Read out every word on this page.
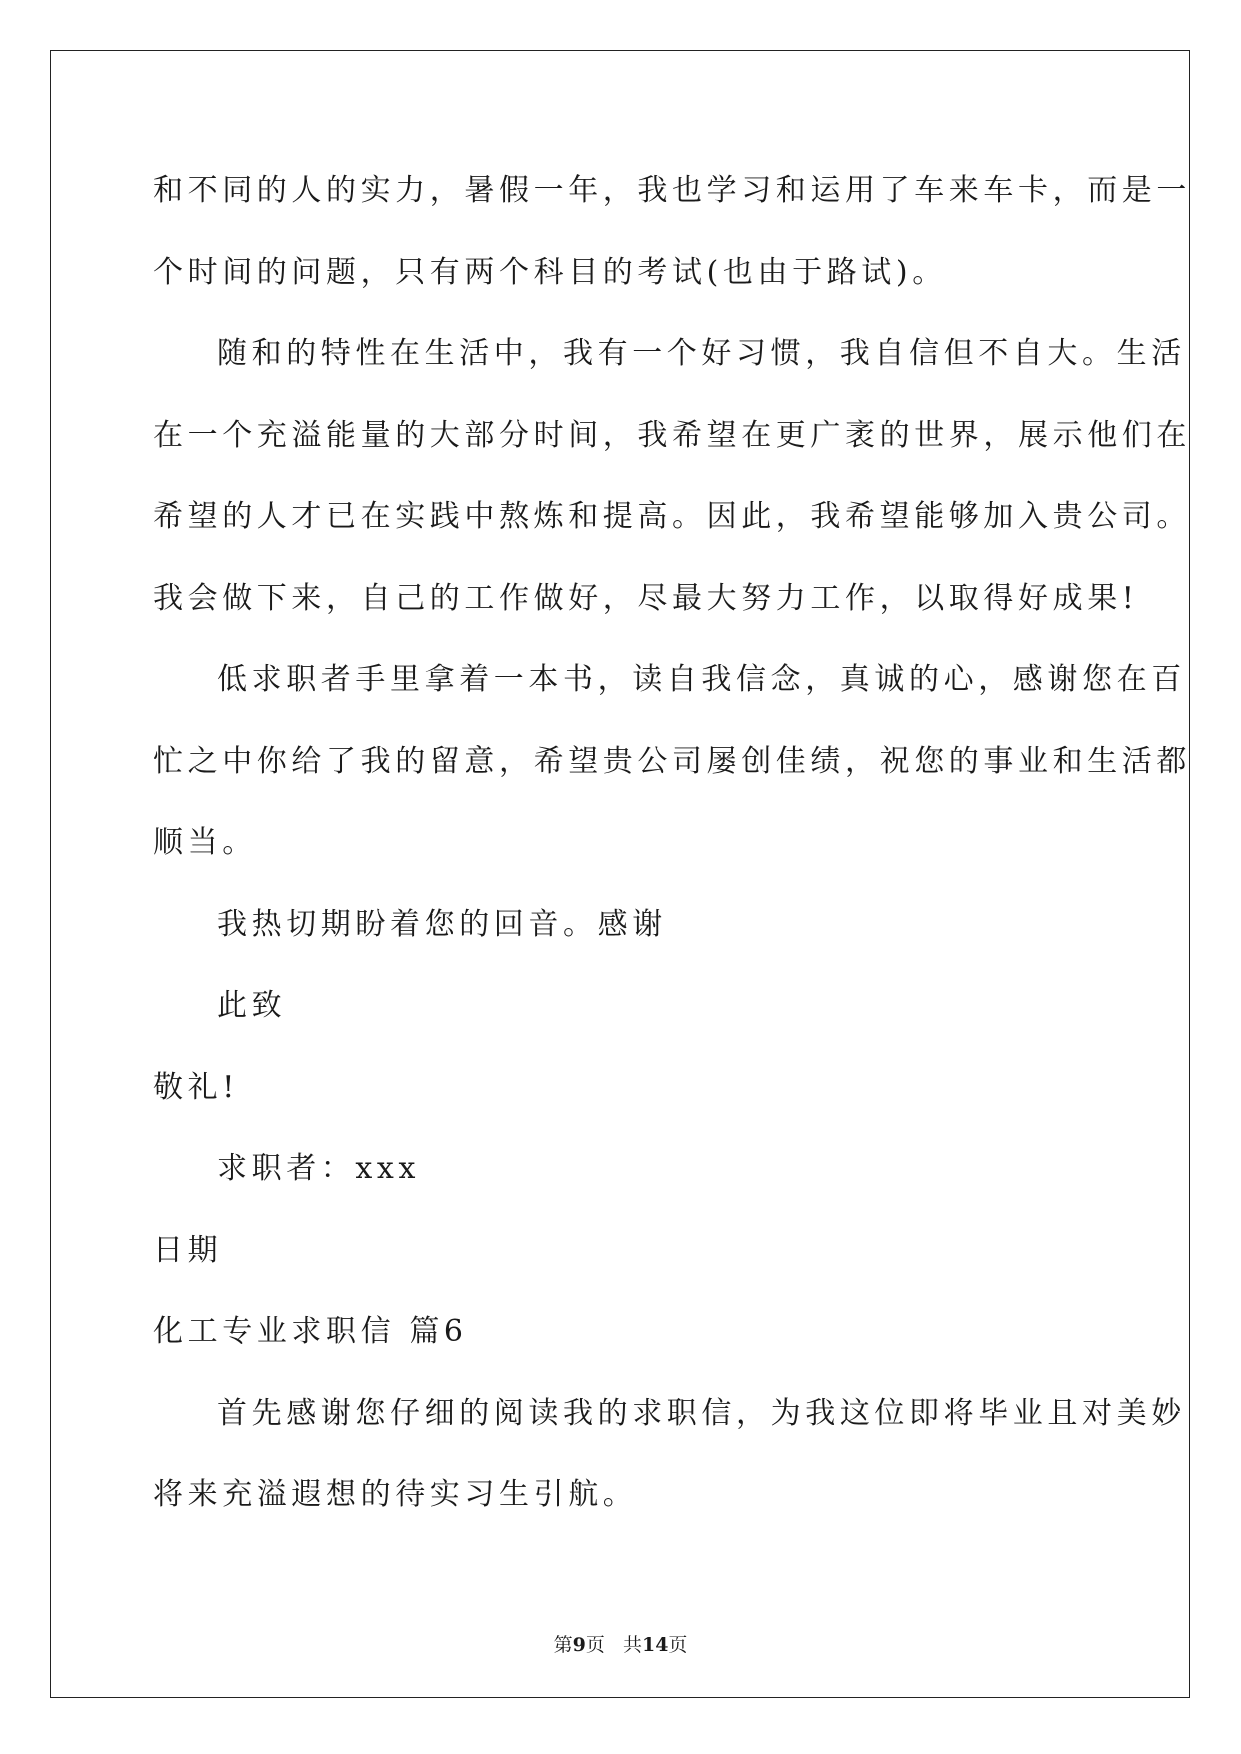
和不同的人的实力，暑假一年，我也学习和运用了车来车卡，而是一
个时间的问题，只有两个科目的考试(也由于路试)。
随和的特性在生活中，我有一个好习惯，我自信但不自大。生活
在一个充溢能量的大部分时间，我希望在更广袤的世界，展示他们在
希望的人才已在实践中熬炼和提高。因此，我希望能够加入贵公司。
我会做下来，自己的工作做好，尽最大努力工作，以取得好成果!
低求职者手里拿着一本书，读自我信念，真诚的心，感谢您在百
忙之中你给了我的留意，希望贵公司屡创佳绩，祝您的事业和生活都
顺当。
我热切期盼着您的回音。感谢
此致
敬礼!
求职者：xxx
日期
化工专业求职信 篇6
首先感谢您仔细的阅读我的求职信，为我这位即将毕业且对美妙
将来充溢遐想的待实习生引航。
第9页 共14页
